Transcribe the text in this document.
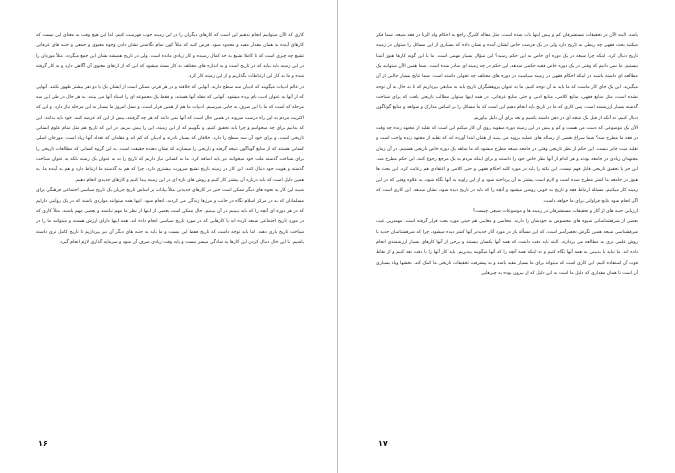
کاری که الآن میتوانیم انجام بدهیم این است که کارهای دیگران را در این زمینه حوب فهرست کنیم. اما این هیچ وقت به معنای این نیست که کارهای آینده به همان مقدار مفید و محدود شود. فرض کنید که مثلاً کون تمام نگاشتن نشان دادن وجوه معنوی و جمعی و جنبه های عرفانی تشیع چه چیزی است که تا کاملا تشیع به حد کمال رسیده و کار زیادی مانده است. ولی در تاریخ همیشه نشان این جمع میگردد. مثلاً موردان را در این زمینه باید بیاید که در تاریخ است و به اندازه های مختلف به کار بسته میشود که این که از ارتقای معنوی آن آگاهی دارد و به کار گرفته شده و ما به کار این ارتباطات بگذاریم و از این زمینه کار کرد.

در عالم ادبیات میگویند که ادبیان سه سطح دارند. آنهایی که خلاقند و در هر قرنی ممکن است از ایشان یک یا دو نفر بیشتر ظهور نکنند. آنهایی که از آنها به عنوان ادیب نام برده میشود. آنهایی که مقلد آنها هستند، و فقط یک مجموعه ای را استاد آنها می بینند. به هر حال در طی این سه مرحله که است که ما با این صرف به جایی میرسیم. ادبیات ما هم از همین قرار است، و نسل امروز ما بسیار به این مرحله نیاز دارد. و این که اکثریت مردم به این راه درست میروند در همین حال است که آنها نمی دانند که هر چه گرفتند، بیش از این که عرضه کنند، خود باید بدانند. این که بدانیم برای چه میخوانیم و چرا باید تحقیق کنیم، و بگوییم که از این زمینه، این را پیش ببریم. در این که تاریخ هم مثل تمام علوم انسانی تاریخی است، و برای خود آن سه سطح را دارد. خلاقان که بسیار نادرند و ادیبان که کم اند و مقلدان که تعداد آنها زیاد است. مورخان اصلی کسانی هستند که از منابع گوناگون نتیجه گرفته و تاریخی را میسازند که نشان دهنده حقیقت است. به این گروه کسانی که مطالعات تاریخی را برای شناخت گذشته ملت خود میخوانند نیز باید اضافه کرد. ما به کسانی نیاز داریم که تاریخ را نه به عنوان یک رشته بلکه به عنوان شناخت گذشته و هویت خود دنبال کنند. این کار در زمینه تاریخ تشیع ضرورت بیشتری دارد، چرا که هم به گذشته ما ارتباط دارد و هم به آینده ما. به همین دلیل است که باید درباره آن بیشتر کار کنیم و روش های تازه ای در این زمینه پیدا کنیم و کارهای جدیدی انجام دهیم.

شبیه این کار به نحوه های دیگر ممکن است حتی در کارهای جدیدتر، مثلاً بیانات بر اساس تاریخ جریان یک تاریخ سیاسی اجتماعی فرهنگی برای مسلمانان که به در مرکز اسلام نگاه در جانب و مرزها زندگی می کردند، انجام شود. اینها همه میتوانند مواردی باشند که در یک روایتی دارایم که در هر دوره ای آنچه را که باید ببینیم در آن ببینیم. حال ممکن است بعضی از اینها از نظر ما مهم نباشند و بعضی مهم باشند. مثلاً کاری که در مورد تاریخ اجتماعی شیعه کرده اند یا کارهایی که در مورد تاریخ سیاسی انجام داده اند، همه اینها دارای ارزش هستند و میتوانند ما را در شناخت تاریخ یاری دهند. اما باید توجه داشت که تاریخ فقط این نیست و ما باید به جنبه های دیگر آن نیز بپردازیم تا تاریخ کامل تری داشته باشیم. با این حال دنبال کردن این کارها به سادگی میسر نیست و باید وقت زیادی صرف آن شود و سرمایه گذاری لازم انجام گیرد.

۱۶

باشد. البته الآن در تحقیقات مستشرقان کم و بیش اینها باب شده است، مثل مقاله کلبرگ راجع به احکام ولد الزنا در فقه شیعه. شما فکر میکنید بحث فقهی چه ربطی به تاریخ دارد ولی در یک فرصت خاص ایشان آمده و نشان داده که بسیاری از این مسائل را میتوان در زمینه تاریخ دنبال کرد. اینکه چرا شیعه در یک دوره ای خاص به این حکم رسید؟ این سؤال بسیار مهمی است. ما با این گونه کارها هنوز آشنا نیستیم. ما نمی دانیم که وقتی در یک دوره خاص فقیه حکمی میدهد، این حکم در چه زمینه ای صادر شده است. شما همین الآن میتوانید یک مطالعه ای داشته باشید در اینکه احکام فقهی در زمینه سیاست در دوره های مختلف چه تحولی داشته است. شما نتایج بسیار جالبی از آن میگیرید. این یک جای کار ماست که ما باید به آن توجه کنیم. ما به عنوان پژوهشگران تاریخ باید به منابعی بپردازیم که تا به حال به آن توجه نشده است، مثل منابع فقهی، منابع کلامی، منابع ادبی و حتی منابع عرفانی. در همه اینها میتوان مطالب تاریخی یافت که برای شناخت گذشته بسیار ارزشمند است. پس کاری که ما در تاریخ باید انجام دهیم این است که ما مسائل را بر اساس مدارک و شواهد و منابع گوناگون دنبال کنیم، نه آنکه از قبل یک نتیجه ای در ذهن داشته باشیم و بعد برای آن دلیل بیاوریم.

الآن یک موضوعی که دست من هست و کم و بیش در این زمینه دوره صفویه روی آن کار میکنم این است که تقلید از مجتهد زنده چه وقت در فقه ما مطرح شد؟ شما سراغ بعضی از رساله های عملیه بروید می بینید از همان ابتدا آورده اند که تقلید از مجتهد زنده واجب است و تقلید میت جایز نیست. این حکم از نظر تاریخی وقتی در جامعه شیعه مطرح میشود که ما شاهد یک دوره خاص تاریخی هستیم. در آن زمان مجتهدان زیادی در جامعه بودند و هر کدام از آنها نظر خاص خود را داشتند و برای اینکه مردم به یک مرجع رجوع کنند، این حکم مطرح شد. این جز با تحقیق تاریخی قابل فهم نیست. این نکته را باید در مورد کلیه احکام فقهی و حتی کلامی و اعتقادی هم رعایت کرد. این بحث ها هنوز در جامعه ما کمتر مطرح شده است و لازم است بیشتر به آن پرداخته شود و از این زاویه به آنها نگاه شود، به علاوه وقتی که در این زمینه کار میکنیم، مسئله ارتباط فقه و تاریخ به خوبی روشن میشود و آنچه را که باید در تاریخ دیده شود، نشان میدهد. این کاری است که اگر انجام شود نتایج فراوانی برای ما خواهد داشت.

ارزیابی جنبه های از آثار و تحقیقات مستشرقان در زمینه ها و موضوعات شیعی چیست؟

بعضی از شرقشناسانی شیوه های مخصوص به خودشان را دارند. محاسن و معایبی هم حیثی مورد بحث قرار گرفته است. مهمترین عیب شرقشناسی شیعه همین نگرش تحقیرآمیز است، که این مسأله باز در مورد آثار جدیدتر آنها کمتر دیده میشود، چرا که شرقشناسان جدید با روش علمی تری به مطالعه می پردازند. البته باید دقت داشت که همه آنها یکسان نیستند و برخی از آنها کارهای بسیار ارزشمندی انجام داده اند. ما نباید با بدبینی به همه آنها نگاه کنیم و نه اینکه همه آنچه را که آنها میگویند بپذیریم. باید کار آنها را با دقت نقد کنیم و از نقاط قوت آن استفاده کنیم. این کاری است که میتواند برای ما بسیار مفید باشد و به پیشرفت تحقیقات تاریخی ما کمک کند. بخشها ویاد بسیاری آن است تا همان مقداری که دلیل ما است به این دلیل که از بیرون بوده به چیزهایی

۱۷
